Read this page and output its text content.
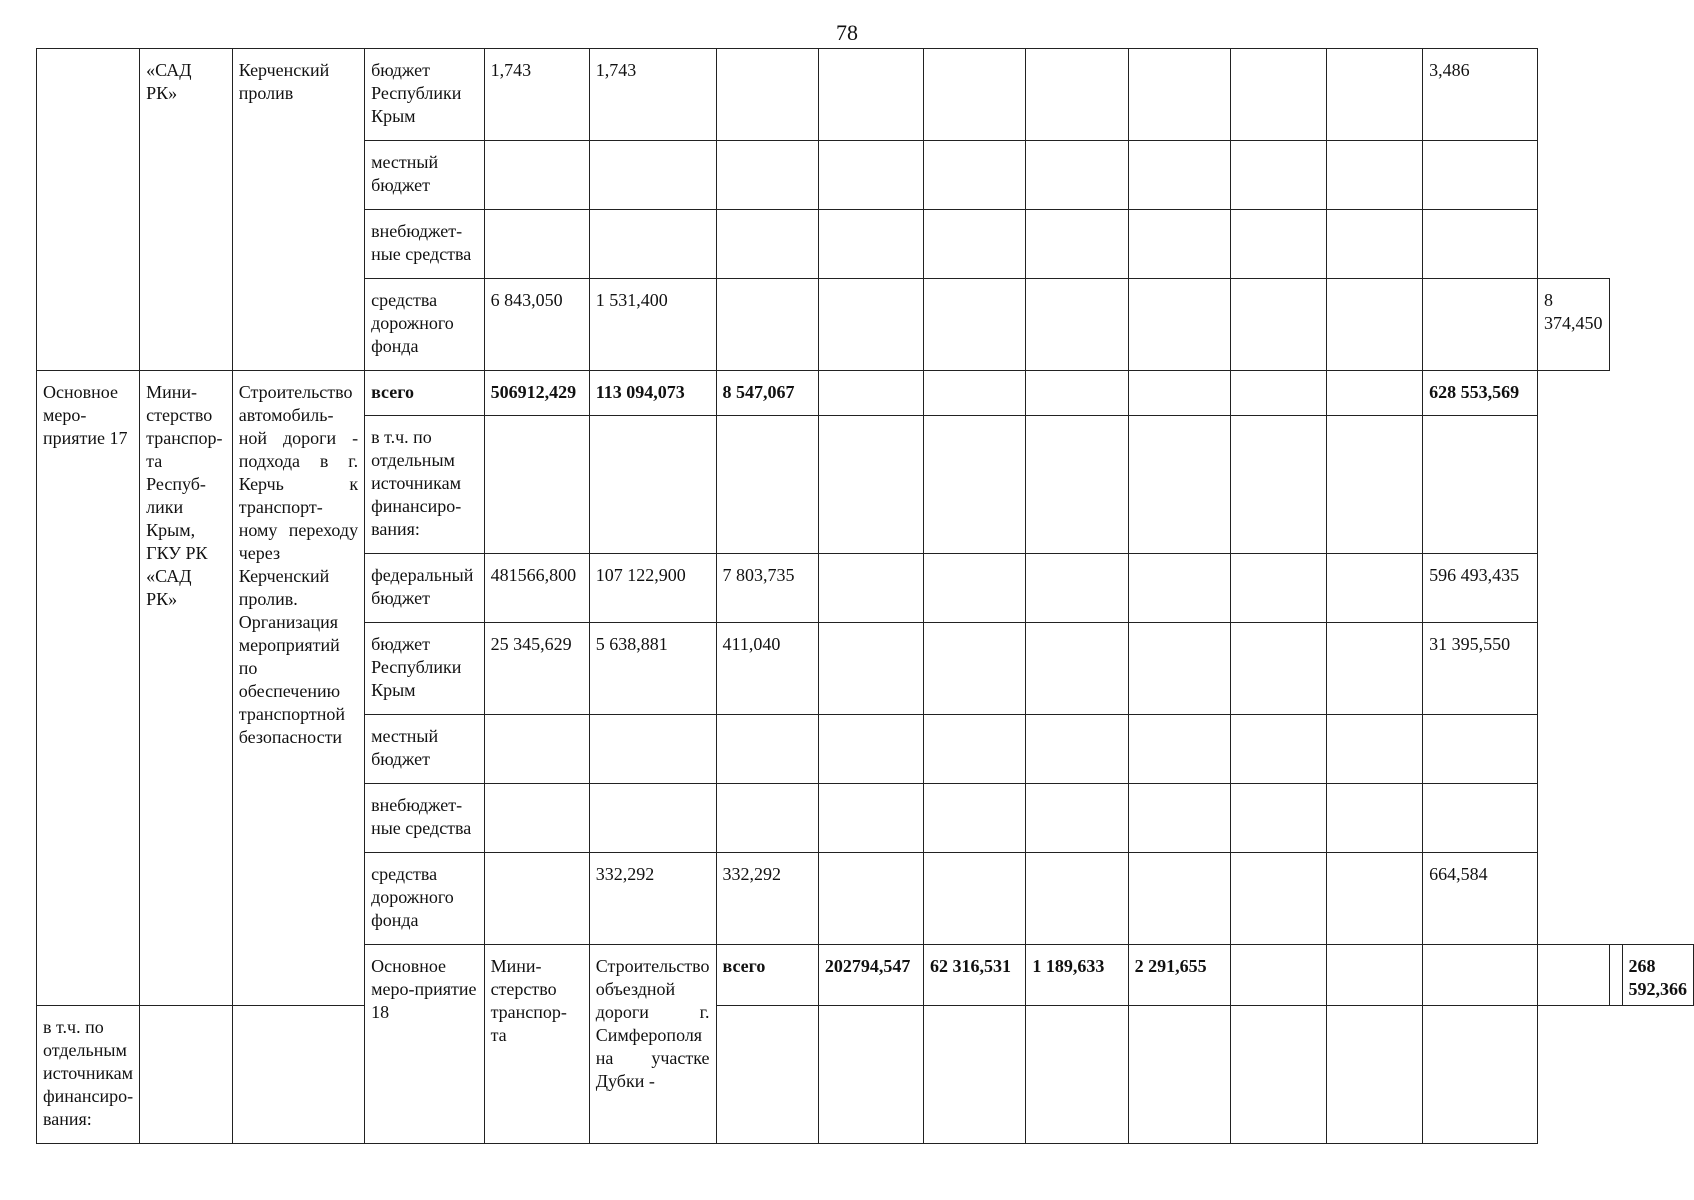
78
	«САД РК»	Керченский пролив	бюджет Республики Крым	1,743	1,743								3,486			
			местный бюджет													
			внебюджет-ные средства													
			средства дорожного фонда	6 843,050	1 531,400									8 374,450		
Основное меро-приятие 17	Мини-стерство транспор-та Респуб-лики Крым, ГКУ РК «САД РК»	Строительство автомобиль-ной дороги - подхода в г. Керчь к транспорт-ному переходу через Керченский пролив. Организация мероприятий по обеспечению транспортной безопасности	всего	506912,429	113 094,073	8 547,067							628 553,569			
			в т.ч. по отдельным источникам финансиро-вания:													
			федеральный бюджет	481566,800	107 122,900	7 803,735							596 493,435			
			бюджет Республики Крым	25 345,629	5 638,881	411,040							31 395,550			
			местный бюджет													
			внебюджет-ные средства													
			средства дорожного фонда		332,292	332,292							664,584			
			Основное меро-приятие 18	Мини-стерство транспор-та	Строительство объездной дороги г. Симферополя на участке Дубки -	всего	202794,547	62 316,531	1 189,633	2 291,655						268 592,366
в т.ч. по отдельным источникам финансиро-вания:																
